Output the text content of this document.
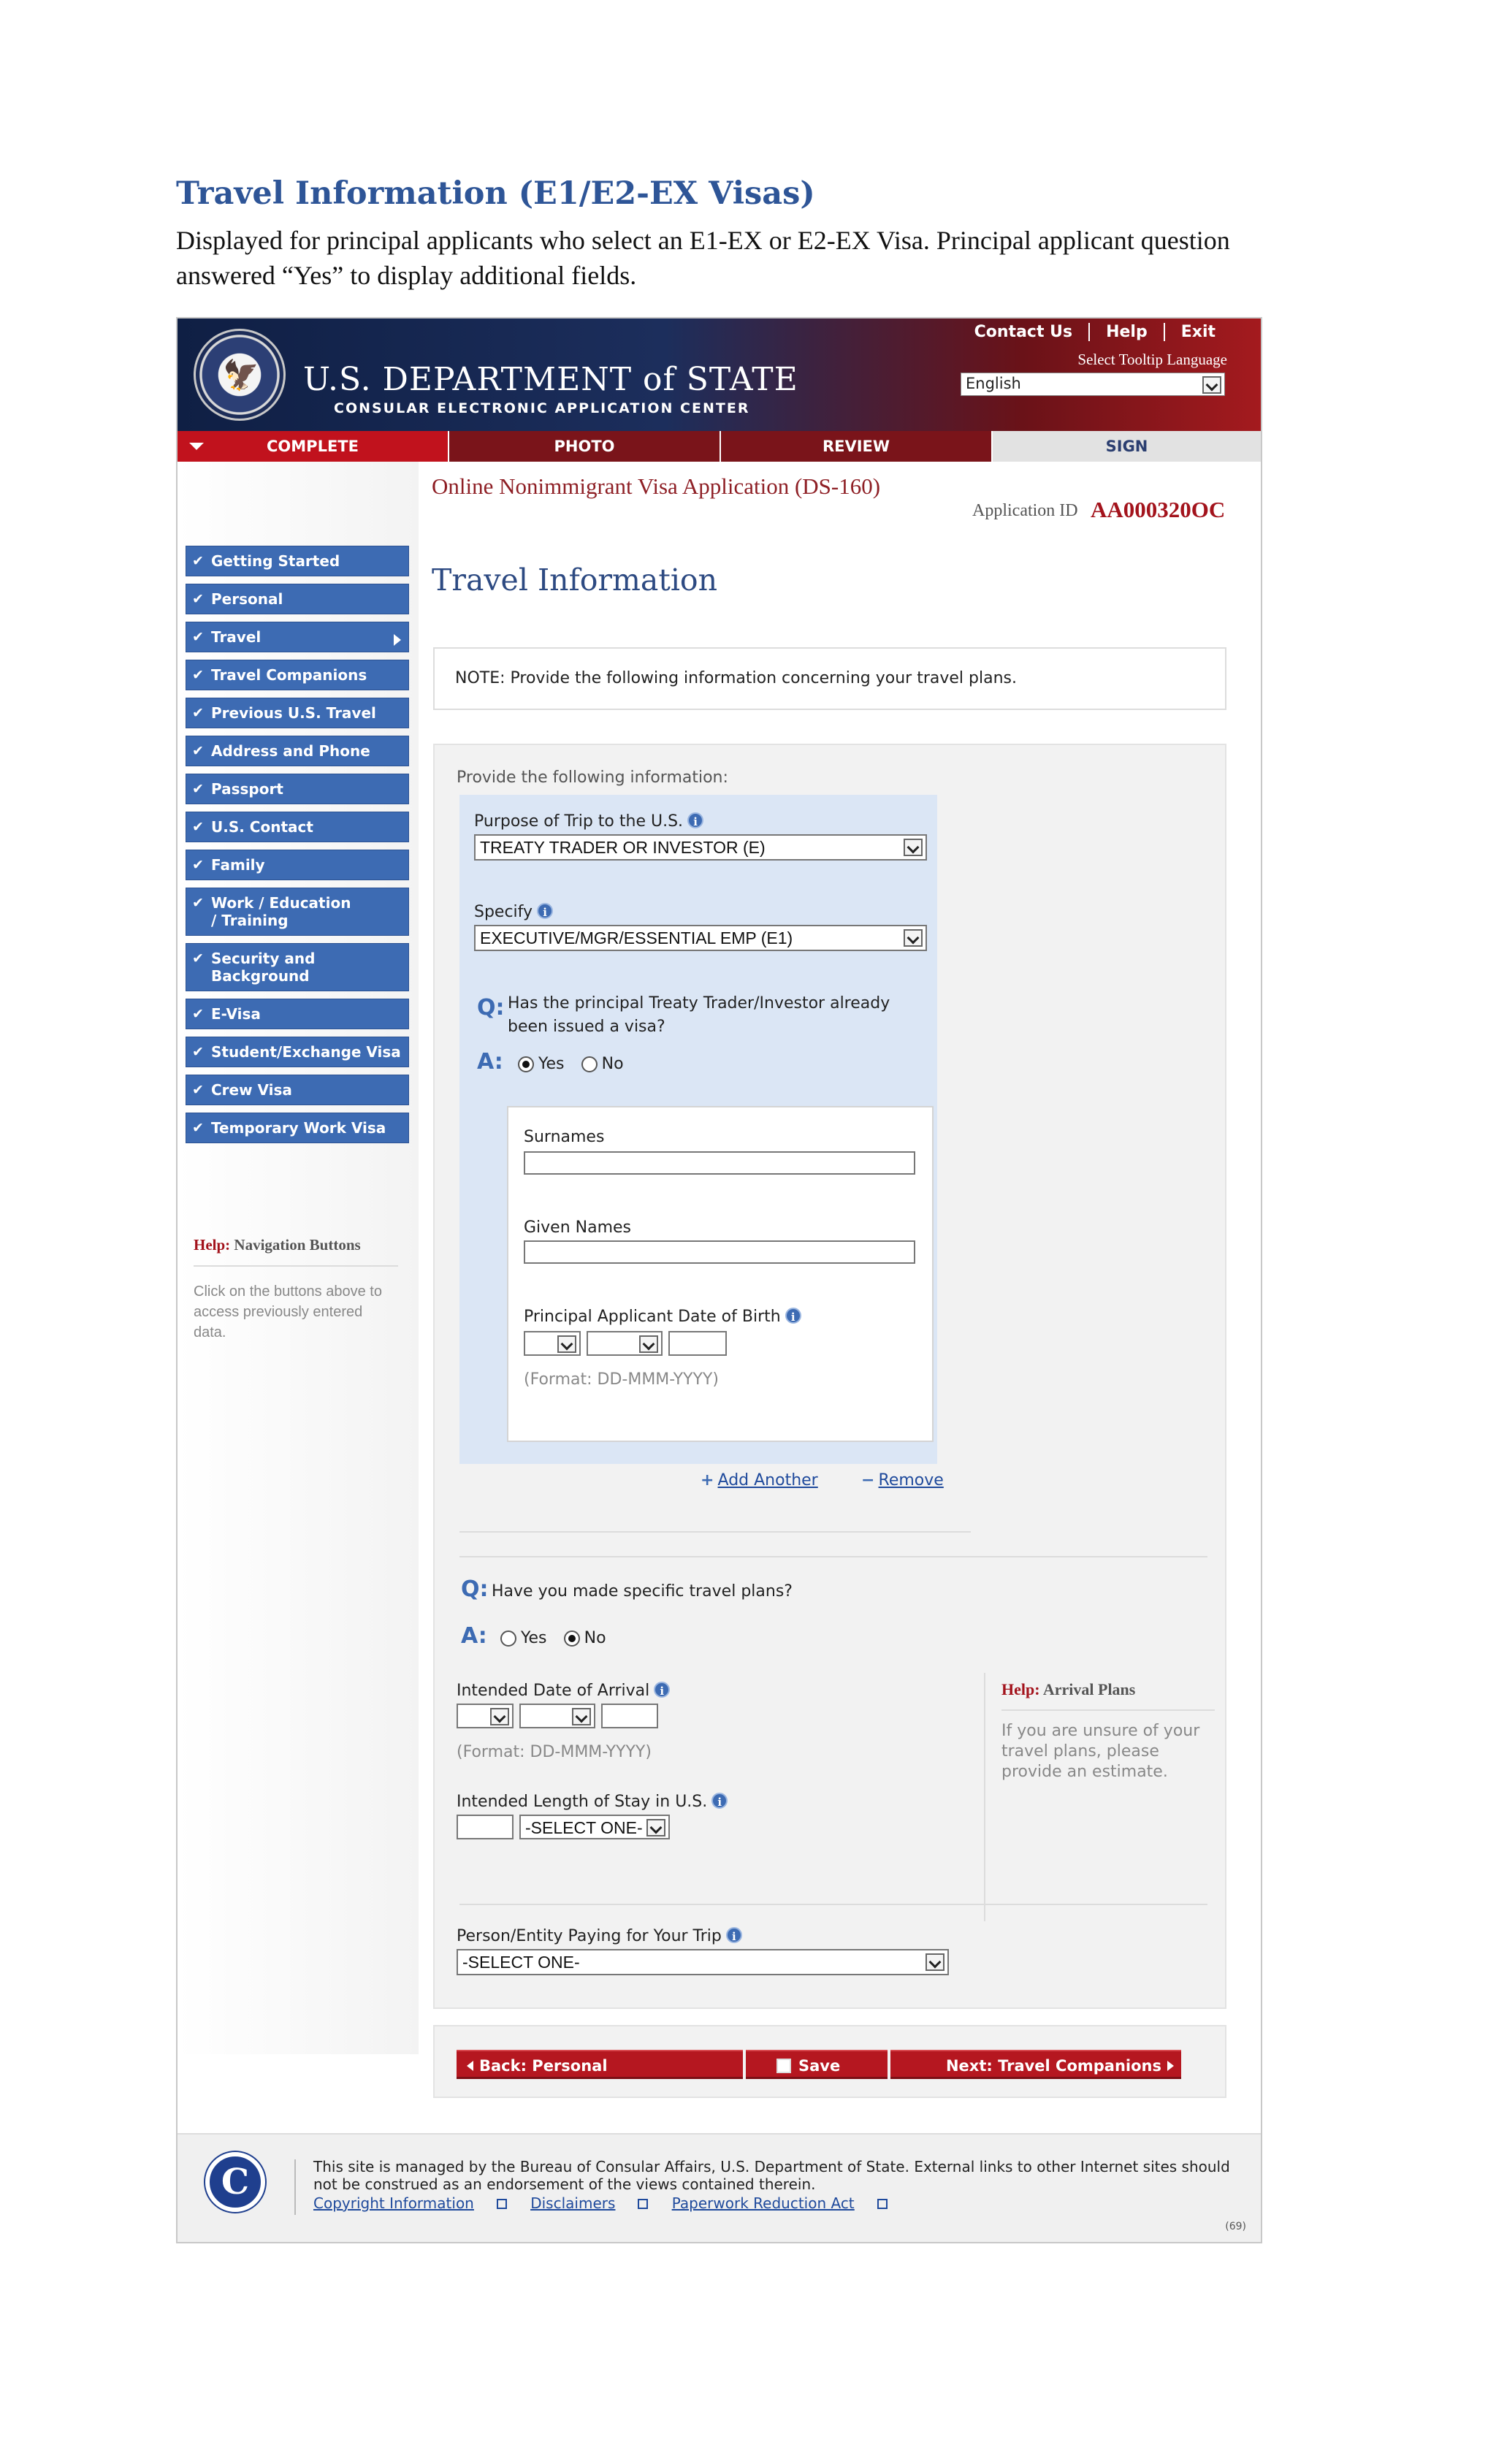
Travel Information (E1/E2-EX Visas)
Displayed for principal applicants who select an E1-EX or E2-EX Visa. Principal applicant question answered “Yes” to display additional fields.
Contact Us	Help	Exit
🦅 U.S. DEPARTMENT of STATE
CONSULAR ELECTRONIC APPLICATION CENTER
Select Tooltip Language
English
COMPLETE	PHOTO	REVIEW	SIGN
Online Nonimmigrant Visa Application (DS-160)
Application ID AA000320OC
✔ Getting Started
✔ Personal
✔ Travel
✔ Travel Companions
✔ Previous U.S. Travel
✔ Address and Phone
✔ Passport
✔ U.S. Contact
✔ Family
✔ Work / Education / Training
✔ Security and Background
✔ E-Visa
✔ Student/Exchange Visa
✔ Crew Visa
✔ Temporary Work Visa
Help: Navigation Buttons
Click on the buttons above to access previously entered data.
Travel Information
NOTE: Provide the following information concerning your travel plans.
Provide the following information:
Purpose of Trip to the U.S. i
TREATY TRADER OR INVESTOR (E)
Specify i
EXECUTIVE/MGR/ESSENTIAL EMP (E1)
Q: Has the principal Treaty Trader/Investor already been issued a visa?
A:	Yes No
Surnames
Given Names
Principal Applicant Date of Birth i
(Format: DD-MMM-YYYY)
+ Add Another	− Remove
Q: Have you made specific travel plans?
A:	Yes No
Intended Date of Arrival i
(Format: DD-MMM-YYYY)
Intended Length of Stay in U.S. i
-SELECT ONE-
Help: Arrival Plans
If you are unsure of your travel plans, please provide an estimate.
Person/Entity Paying for Your Trip i
-SELECT ONE-
Back: Personal	Save	Next: Travel Companions
C	This site is managed by the Bureau of Consular Affairs, U.S. Department of State. External links to other Internet sites should not be construed as an endorsement of the views contained therein.
Copyright Information	Disclaimers	Paperwork Reduction Act
(69)
